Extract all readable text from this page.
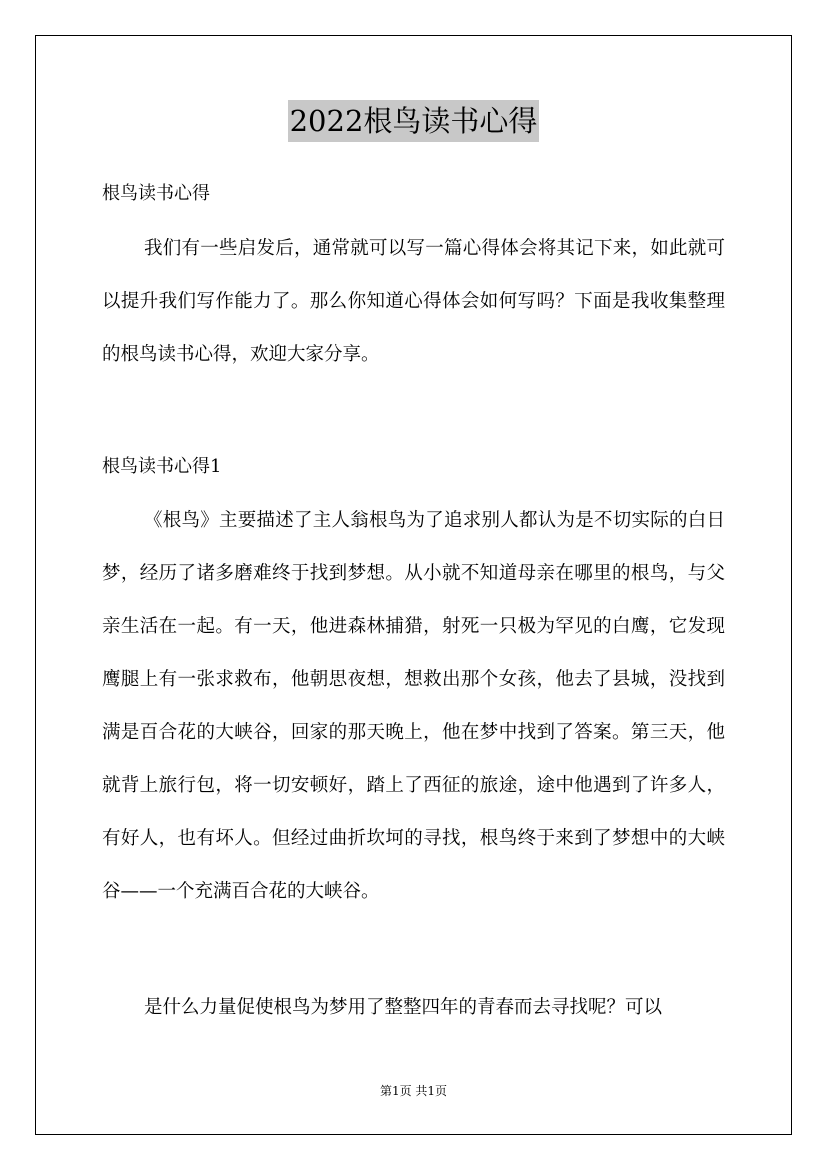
2022根鸟读书心得
根鸟读书心得

我们有一些启发后，通常就可以写一篇心得体会将其记下来，如此就可以提升我们写作能力了。那么你知道心得体会如何写吗？下面是我收集整理的根鸟读书心得，欢迎大家分享。

根鸟读书心得1

《根鸟》主要描述了主人翁根鸟为了追求别人都认为是不切实际的白日梦，经历了诸多磨难终于找到梦想。从小就不知道母亲在哪里的根鸟，与父亲生活在一起。有一天，他进森林捕猎，射死一只极为罕见的白鹰，它发现鹰腿上有一张求救布，他朝思夜想，想救出那个女孩，他去了县城，没找到满是百合花的大峡谷，回家的那天晚上，他在梦中找到了答案。第三天，他就背上旅行包，将一切安顿好，踏上了西征的旅途，途中他遇到了许多人，有好人，也有坏人。但经过曲折坎坷的寻找，根鸟终于来到了梦想中的大峡谷——一个充满百合花的大峡谷。

是什么力量促使根鸟为梦用了整整四年的青春而去寻找呢？可以

第1页 共1页
